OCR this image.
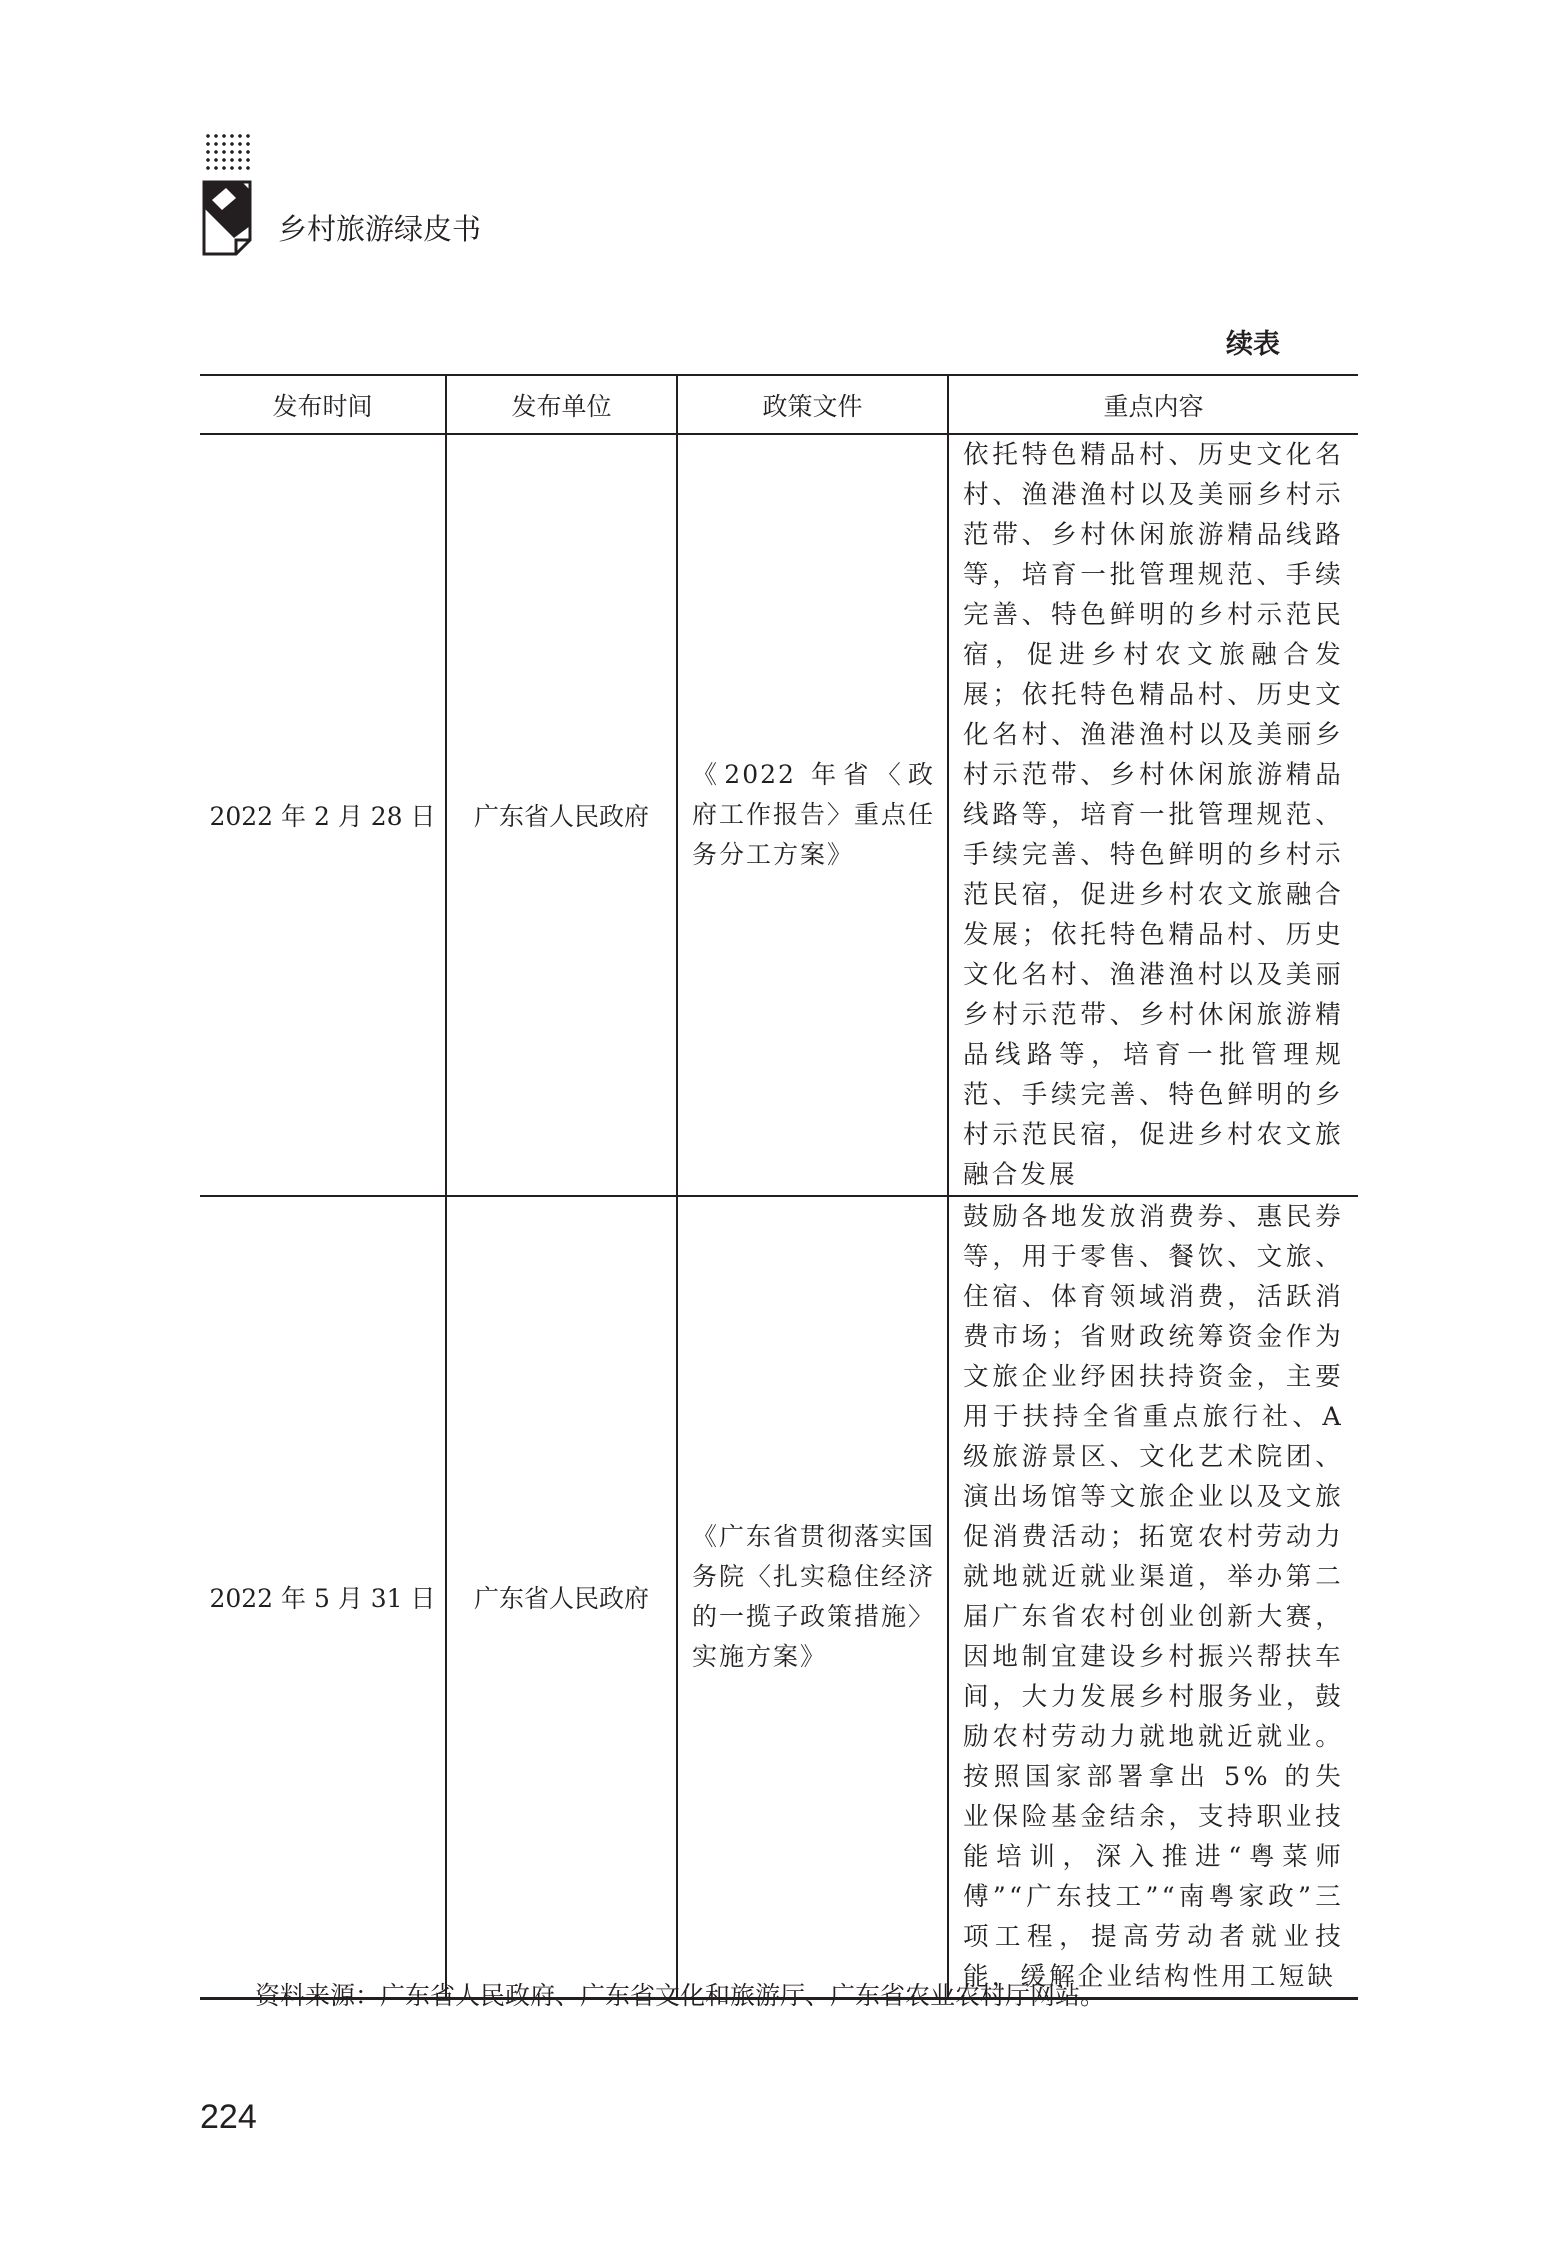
乡村旅游绿皮书
续表
发布时间	发布单位	政策文件	重点内容
2022 年 2 月 28 日	广东省人民政府	《2022 年省〈政府工作报告〉重点任务分工方案》	依托特色精品村、历史文化名村、渔港渔村以及美丽乡村示范带、乡村休闲旅游精品线路等，培育一批管理规范、手续完善、特色鲜明的乡村示范民宿，促进乡村农文旅融合发展；依托特色精品村、历史文化名村、渔港渔村以及美丽乡村示范带、乡村休闲旅游精品线路等，培育一批管理规范、手续完善、特色鲜明的乡村示范民宿，促进乡村农文旅融合发展；依托特色精品村、历史文化名村、渔港渔村以及美丽乡村示范带、乡村休闲旅游精品线路等，培育一批管理规范、手续完善、特色鲜明的乡村示范民宿，促进乡村农文旅融合发展
2022 年 5 月 31 日	广东省人民政府	《广东省贯彻落实国务院〈扎实稳住经济的一揽子政策措施〉实施方案》	鼓励各地发放消费券、惠民券等，用于零售、餐饮、文旅、住宿、体育领域消费，活跃消费市场；省财政统筹资金作为文旅企业纾困扶持资金，主要用于扶持全省重点旅行社、A 级旅游景区、文化艺术院团、演出场馆等文旅企业以及文旅促消费活动；拓宽农村劳动力就地就近就业渠道，举办第二届广东省农村创业创新大赛，因地制宜建设乡村振兴帮扶车间，大力发展乡村服务业，鼓励农村劳动力就地就近就业。按照国家部署拿出 5% 的失业保险基金结余，支持职业技能培训，深入推进“粤菜师傅”“广东技工”“南粤家政”三项工程，提高劳动者就业技能，缓解企业结构性用工短缺
资料来源：广东省人民政府、广东省文化和旅游厅、广东省农业农村厅网站。
224
